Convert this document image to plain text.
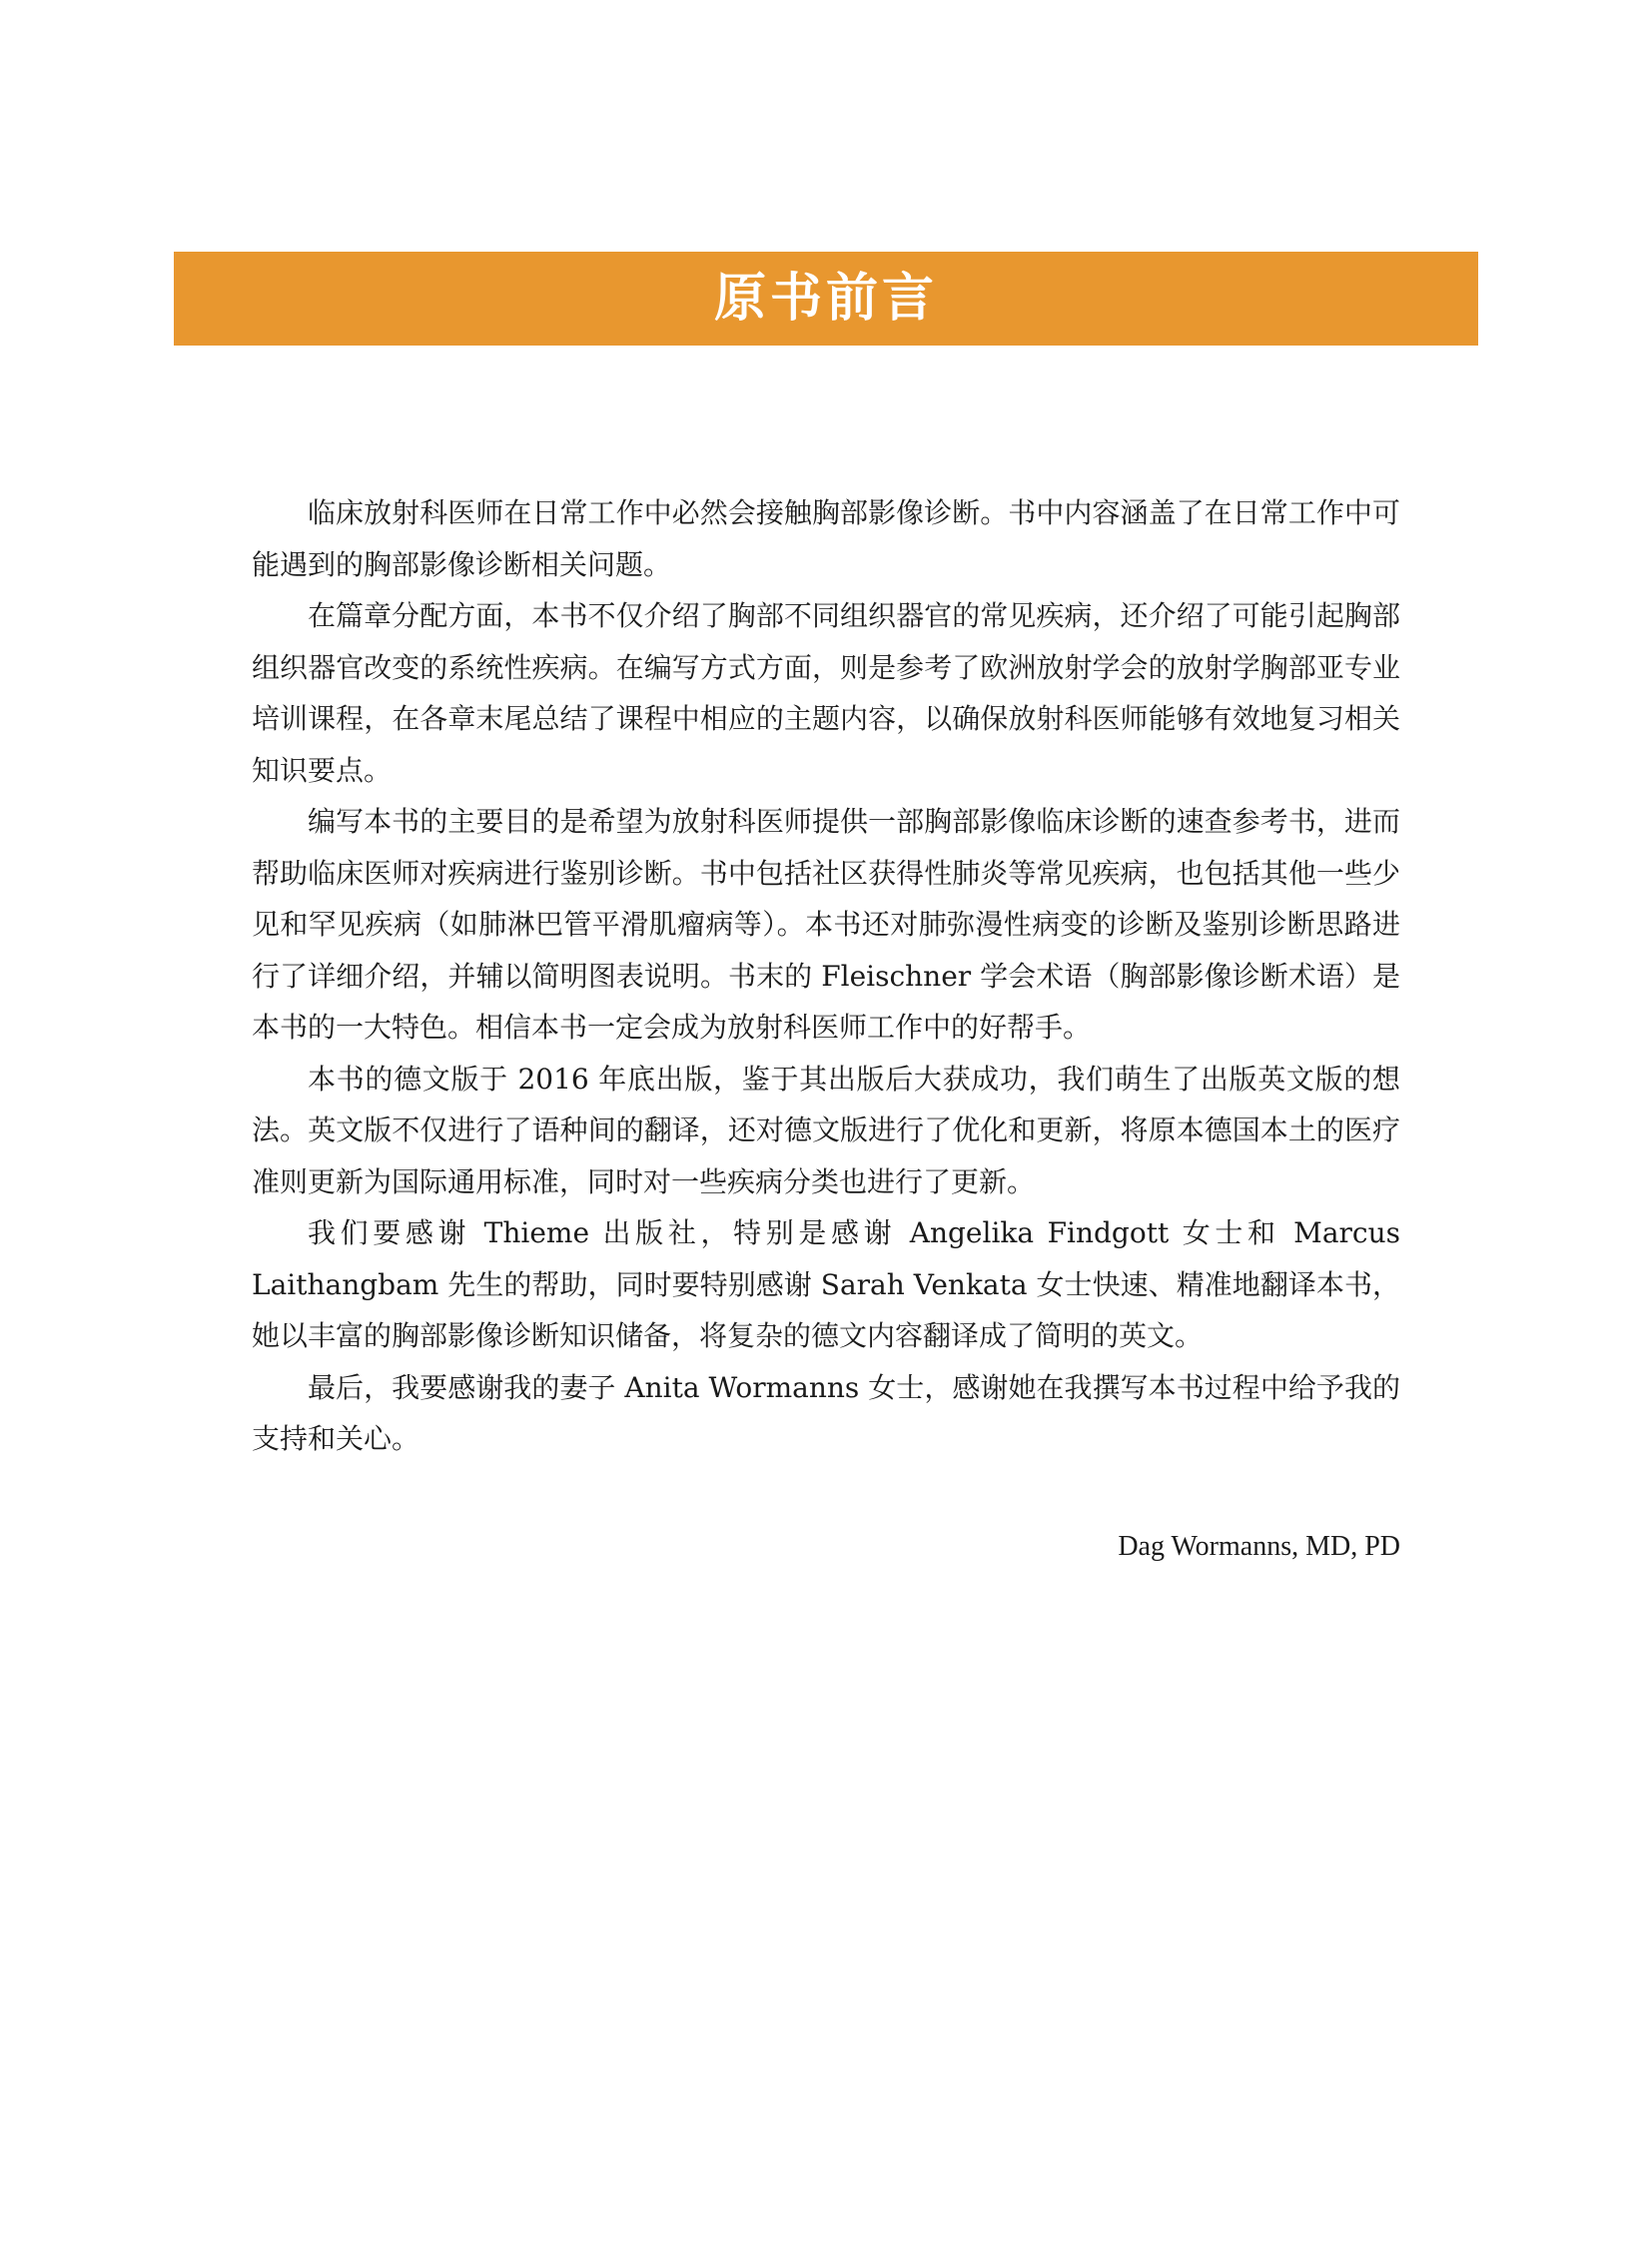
原书前言

临床放射科医师在日常工作中必然会接触胸部影像诊断。书中内容涵盖了在日常工作中可能遇到的胸部影像诊断相关问题。

在篇章分配方面，本书不仅介绍了胸部不同组织器官的常见疾病，还介绍了可能引起胸部组织器官改变的系统性疾病。在编写方式方面，则是参考了欧洲放射学会的放射学胸部亚专业培训课程，在各章末尾总结了课程中相应的主题内容，以确保放射科医师能够有效地复习相关知识要点。

编写本书的主要目的是希望为放射科医师提供一部胸部影像临床诊断的速查参考书，进而帮助临床医师对疾病进行鉴别诊断。书中包括社区获得性肺炎等常见疾病，也包括其他一些少见和罕见疾病（如肺淋巴管平滑肌瘤病等）。本书还对肺弥漫性病变的诊断及鉴别诊断思路进行了详细介绍，并辅以简明图表说明。书末的 Fleischner 学会术语（胸部影像诊断术语）是本书的一大特色。相信本书一定会成为放射科医师工作中的好帮手。

本书的德文版于 2016 年底出版，鉴于其出版后大获成功，我们萌生了出版英文版的想法。英文版不仅进行了语种间的翻译，还对德文版进行了优化和更新，将原本德国本土的医疗准则更新为国际通用标准，同时对一些疾病分类也进行了更新。

我们要感谢 Thieme 出版社，特别是感谢 Angelika Findgott 女士和 Marcus Laithangbam 先生的帮助，同时要特别感谢 Sarah Venkata 女士快速、精准地翻译本书，她以丰富的胸部影像诊断知识储备，将复杂的德文内容翻译成了简明的英文。

最后，我要感谢我的妻子 Anita Wormanns 女士，感谢她在我撰写本书过程中给予我的支持和关心。

Dag Wormanns, MD, PD
